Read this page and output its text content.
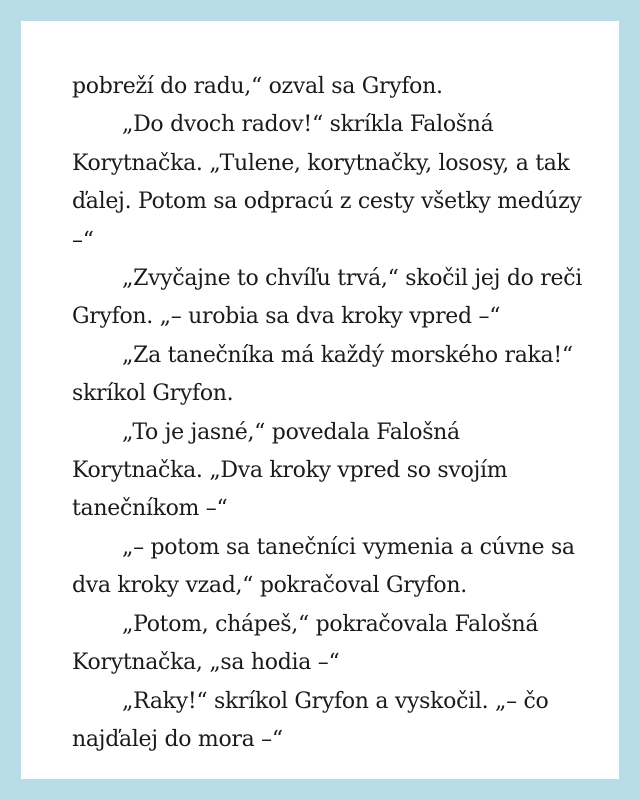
pobreží do radu,“ ozval sa Gryfon.

„Do dvoch radov!“ skríkla Falošná Korytnačka. „Tulene, korytnačky, lososy, a tak ďalej. Potom sa odpracú z cesty všetky medúzy –“

„Zvyčajne to chvíľu trvá,“ skočil jej do reči Gryfon. „– urobia sa dva kroky vpred –“

„Za tanečníka má každý morského raka!“ skríkol Gryfon.

„To je jasné,“ povedala Falošná Korytnačka. „Dva kroky vpred so svojím tanečníkom –“

„– potom sa tanečníci vymenia a cúvne sa dva kroky vzad,“ pokračoval Gryfon.

„Potom, chápeš,“ pokračovala Falošná Korytnačka, „sa hodia –“

„Raky!“ skríkol Gryfon a vyskočil. „– čo najďalej do mora –“
